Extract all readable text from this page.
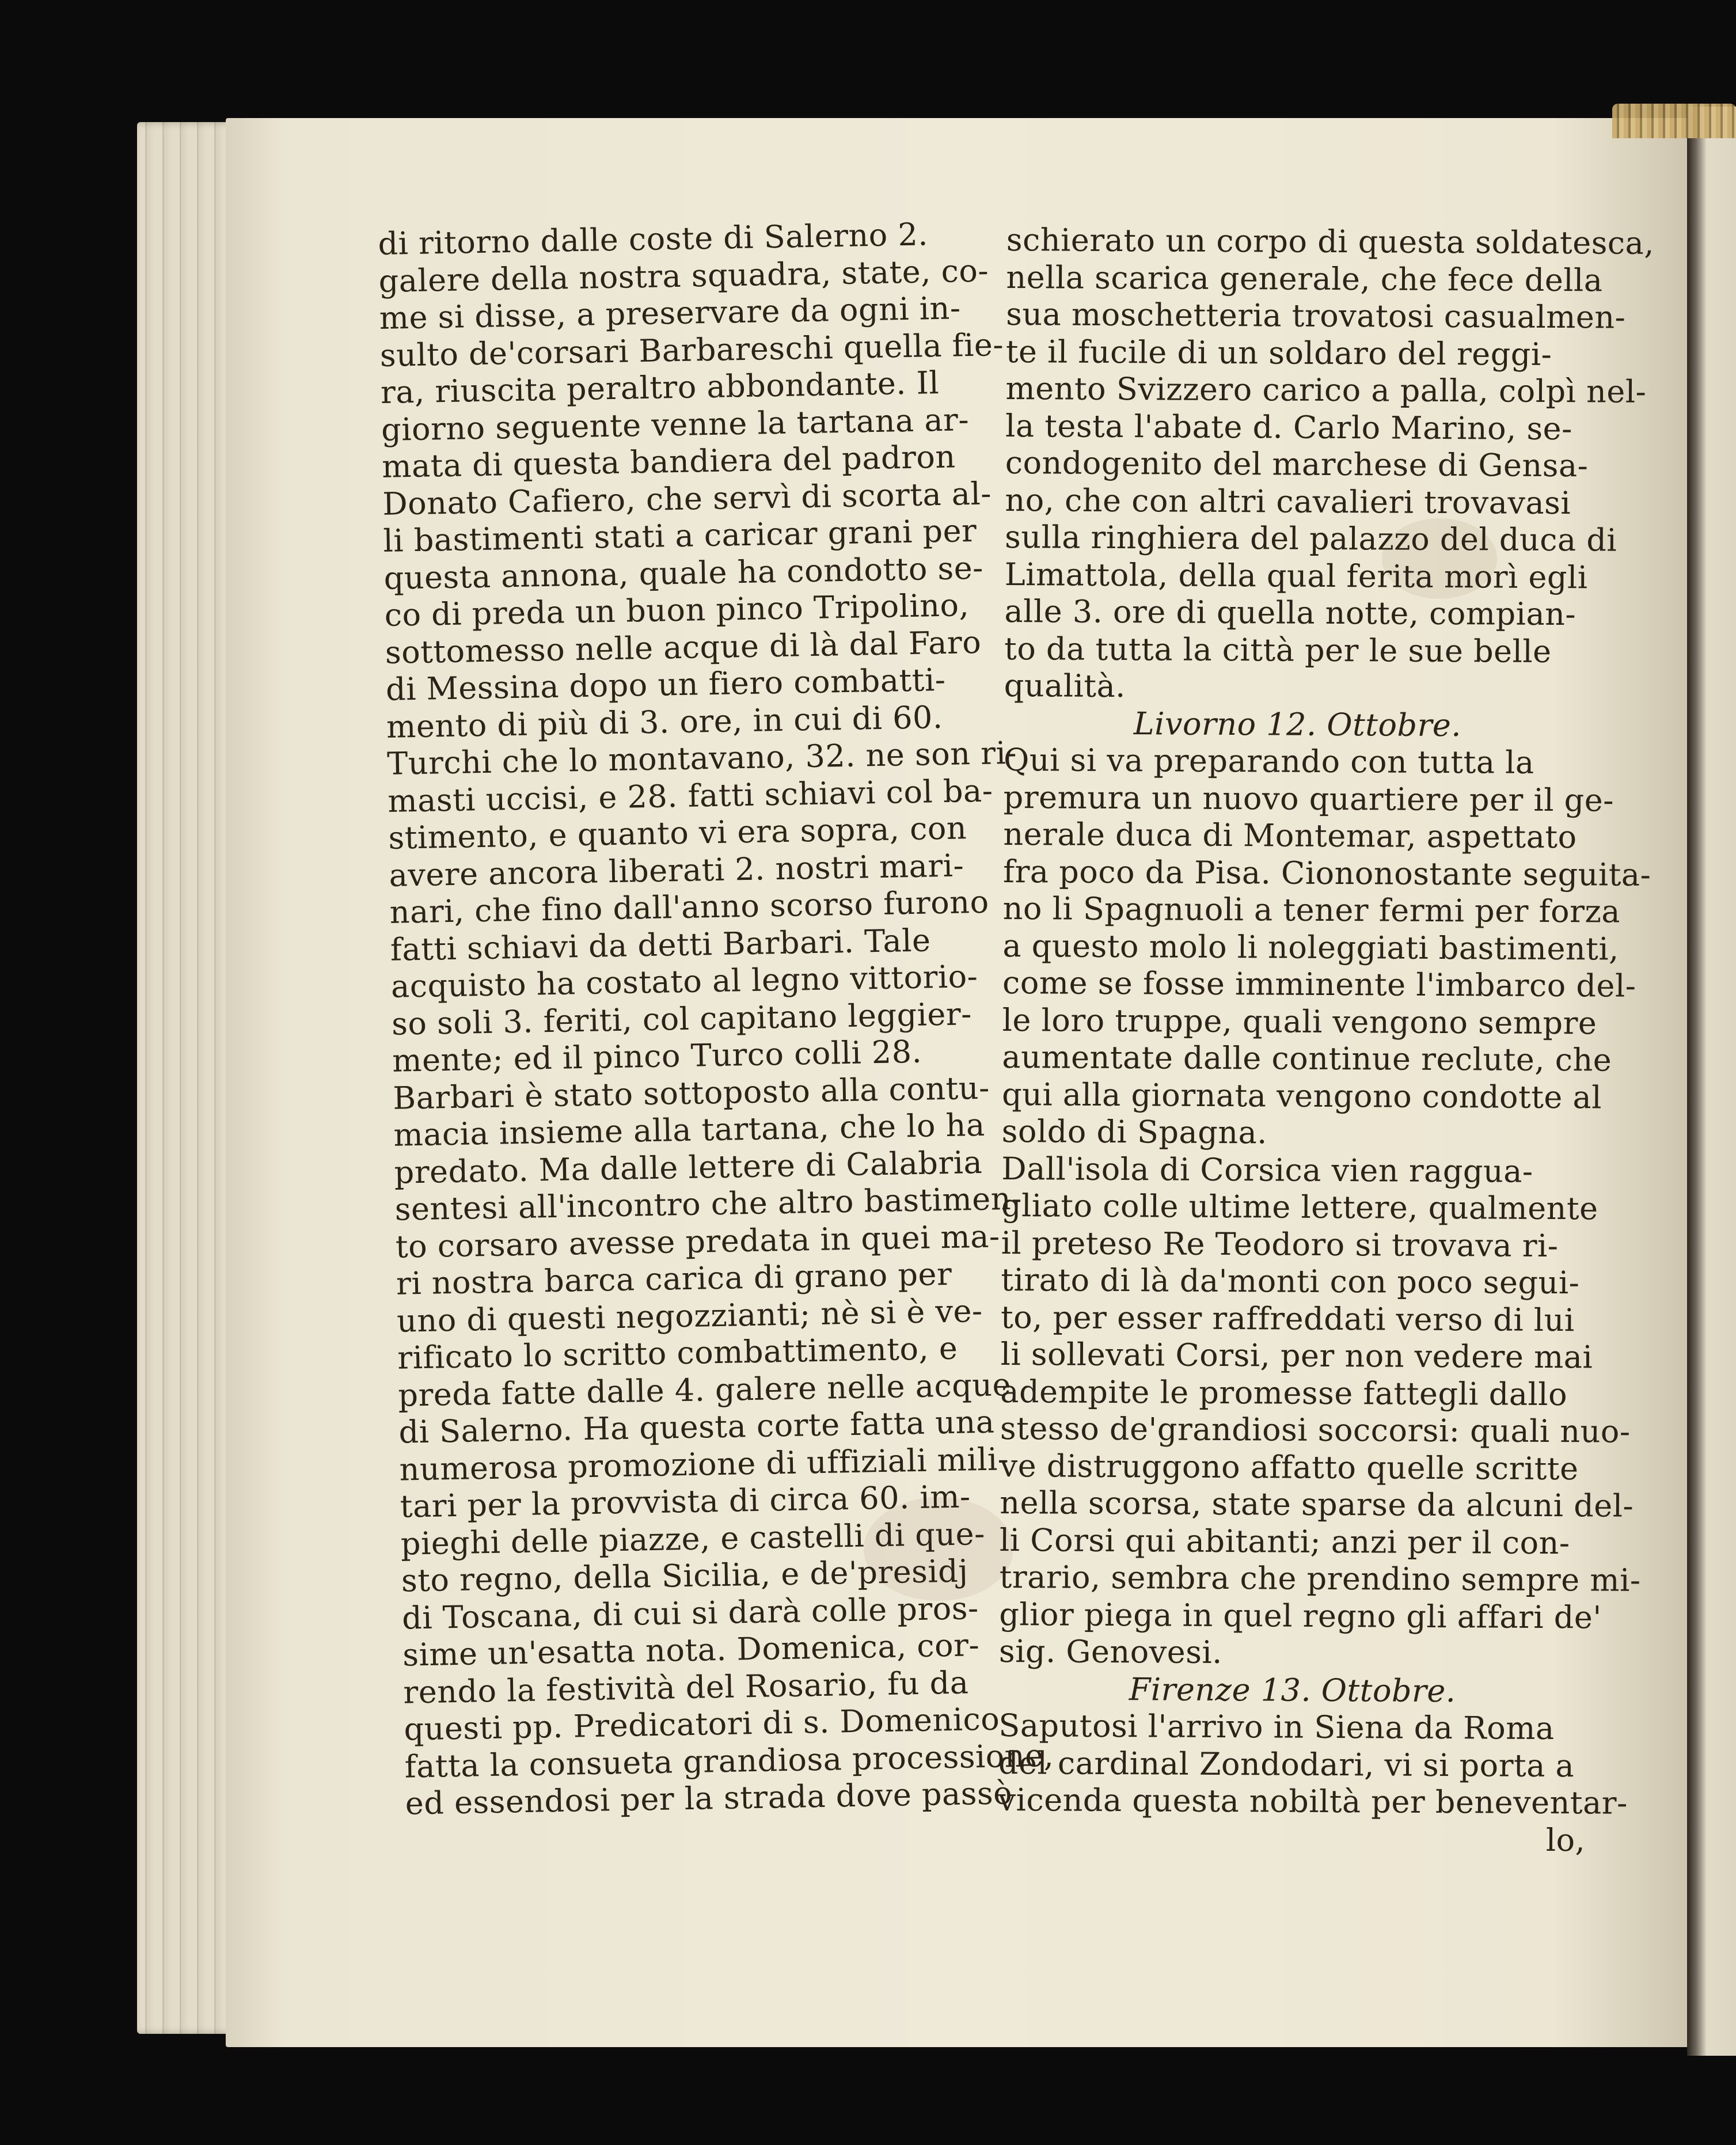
di ritorno dalle coste di Salerno 2.
galere della nostra squadra, state, co-
me si disse, a preservare da ogni in-
sulto de'corsari Barbareschi quella fie-
ra, riuscita peraltro abbondante. Il
giorno seguente venne la tartana ar-
mata di questa bandiera del padron
Donato Cafiero, che servì di scorta al-
li bastimenti stati a caricar grani per
questa annona, quale ha condotto se-
co di preda un buon pinco Tripolino,
sottomesso nelle acque di là dal Faro
di Messina dopo un fiero combatti-
mento di più di 3. ore, in cui di 60.
Turchi che lo montavano, 32. ne son ri-
masti uccisi, e 28. fatti schiavi col ba-
stimento, e quanto vi era sopra, con
avere ancora liberati 2. nostri mari-
nari, che fino dall'anno scorso furono
fatti schiavi da detti Barbari. Tale
acquisto ha costato al legno vittorio-
so soli 3. feriti, col capitano leggier-
mente; ed il pinco Turco colli 28.
Barbari è stato sottoposto alla contu-
macia insieme alla tartana, che lo ha
predato. Ma dalle lettere di Calabria
sentesi all'incontro che altro bastimen-
to corsaro avesse predata in quei ma-
ri nostra barca carica di grano per
uno di questi negozzianti; nè si è ve-
rificato lo scritto combattimento, e
preda fatte dalle 4. galere nelle acque
di Salerno. Ha questa corte fatta una
numerosa promozione di uffiziali mili-
tari per la provvista di circa 60. im-
pieghi delle piazze, e castelli di que-
sto regno, della Sicilia, e de'presidj
di Toscana, di cui si darà colle pros-
sime un'esatta nota. Domenica, cor-
rendo la festività del Rosario, fu da
questi pp. Predicatori di s. Domenico
fatta la consueta grandiosa processione,
ed essendosi per la strada dove passò
schierato un corpo di questa soldatesca,
nella scarica generale, che fece della
sua moschetteria trovatosi casualmen-
te il fucile di un soldaro del reggi-
mento Svizzero carico a palla, colpì nel-
la testa l'abate d. Carlo Marino, se-
condogenito del marchese di Gensa-
no, che con altri cavalieri trovavasi
sulla ringhiera del palazzo del duca di
Limattola, della qual ferita morì egli
alle 3. ore di quella notte, compian-
to da tutta la città per le sue belle
qualità.
Livorno 12. Ottobre.
Qui si va preparando con tutta la
premura un nuovo quartiere per il ge-
nerale duca di Montemar, aspettato
fra poco da Pisa. Ciononostante seguita-
no li Spagnuoli a tener fermi per forza
a questo molo li noleggiati bastimenti,
come se fosse imminente l'imbarco del-
le loro truppe, quali vengono sempre
aumentate dalle continue reclute, che
qui alla giornata vengono condotte al
soldo di Spagna.
Dall'isola di Corsica vien ragguа-
gliato colle ultime lettere, qualmente
il preteso Re Teodoro si trovava ri-
tirato di là da'monti con poco segui-
to, per esser raffreddati verso di lui
li sollevati Corsi, per non vedere mai
adempite le promesse fattegli dallo
stesso de'grandiosi soccorsi: quali nuo-
ve distruggono affatto quelle scritte
nella scorsa, state sparse da alcuni del-
li Corsi qui abitanti; anzi per il con-
trario, sembra che prendino sempre mi-
glior piega in quel regno gli affari de'
sig. Genovesi.
Firenze 13. Ottobre.
Saputosi l'arrivo in Siena da Roma
del cardinal Zondodari, vi si porta a
vicenda questa nobiltà per beneventar-
lo,
